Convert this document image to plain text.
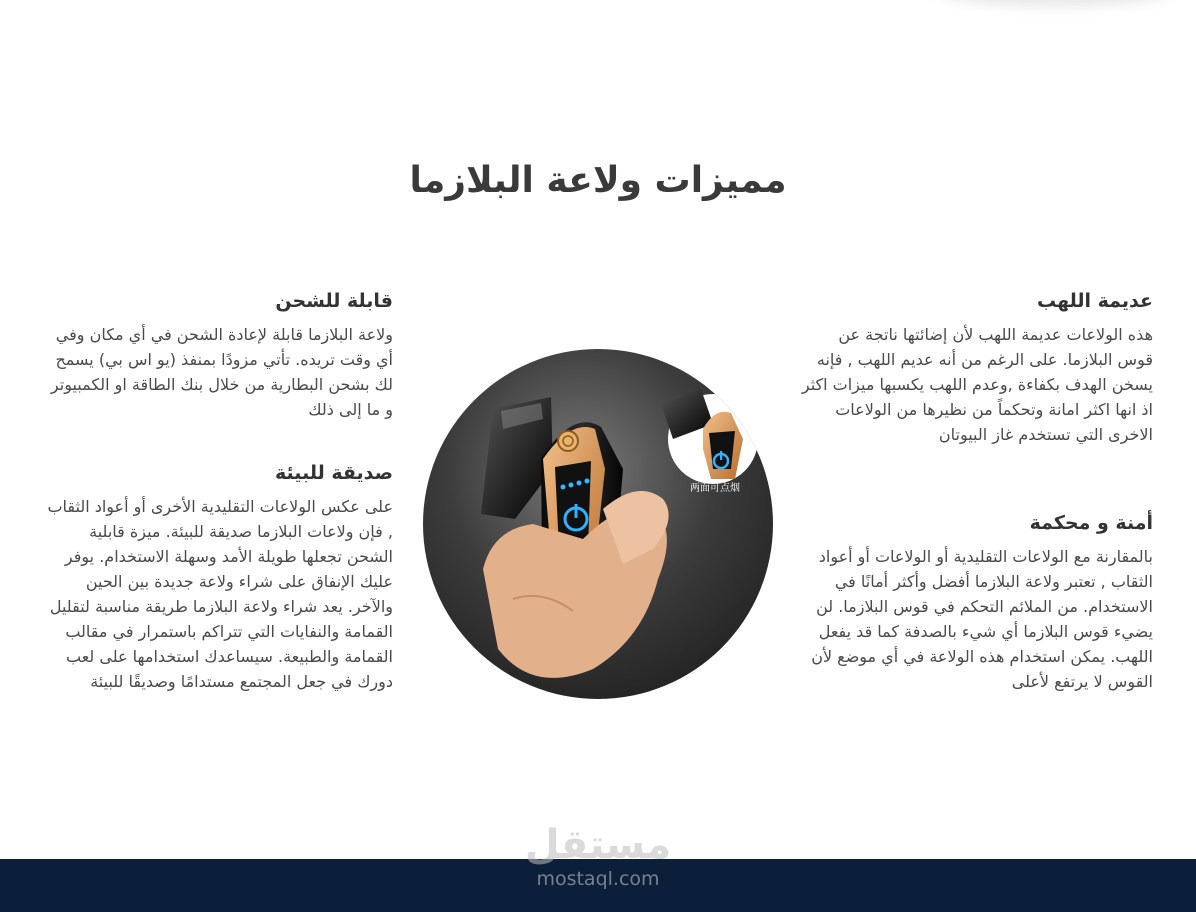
مميزات ولاعة البلازما
عديمة اللهب

هذه الولاعات عديمة اللهب لأن إضائتها ناتجة عن قوس البلازما. على الرغم من أنه عديم اللهب , فإنه يسخن الهدف بكفاءة ,وعدم اللهب يكسبها ميزات اكثر اذ انها اكثر امانة وتحكماً من نظيرها من الولاعات الاخرى التي تستخدم غاز البيوتان

أمنة و محكمة

بالمقارنة مع الولاعات التقليدية أو الولاعات أو أعواد الثقاب , تعتبر ولاعة البلازما أفضل وأكثر أمانًا في الاستخدام. من الملائم التحكم في قوس البلازما. لن يضيء قوس البلازما أي شيء بالصدفة كما قد يفعل اللهب. يمكن استخدام هذه الولاعة في أي موضع لأن القوس لا يرتفع لأعلى

قابلة للشحن

ولاعة البلازما قابلة لإعادة الشحن في أي مكان وفي أي وقت تريده. تأتي مزودًا بمنفذ (يو اس بي) يسمح لك بشحن البطارية من خلال بنك الطاقة او الكمبيوتر و ما إلى ذلك

صديقة للبيئة

على عكس الولاعات التقليدية الأخرى أو أعواد الثقاب , فإن ولاعات البلازما صديقة للبيئة. ميزة قابلية الشحن تجعلها طويلة الأمد وسهلة الاستخدام. يوفر عليك الإنفاق على شراء ولاعة جديدة بين الحين والآخر. يعد شراء ولاعة البلازما طريقة مناسبة لتقليل القمامة والنفايات التي تتراكم باستمرار في مقالب القمامة والطبيعة. سيساعدك استخدامها على لعب دورك في جعل المجتمع مستدامًا وصديقًا للبيئة

两面可点烟
مستقل
mostaql.com
